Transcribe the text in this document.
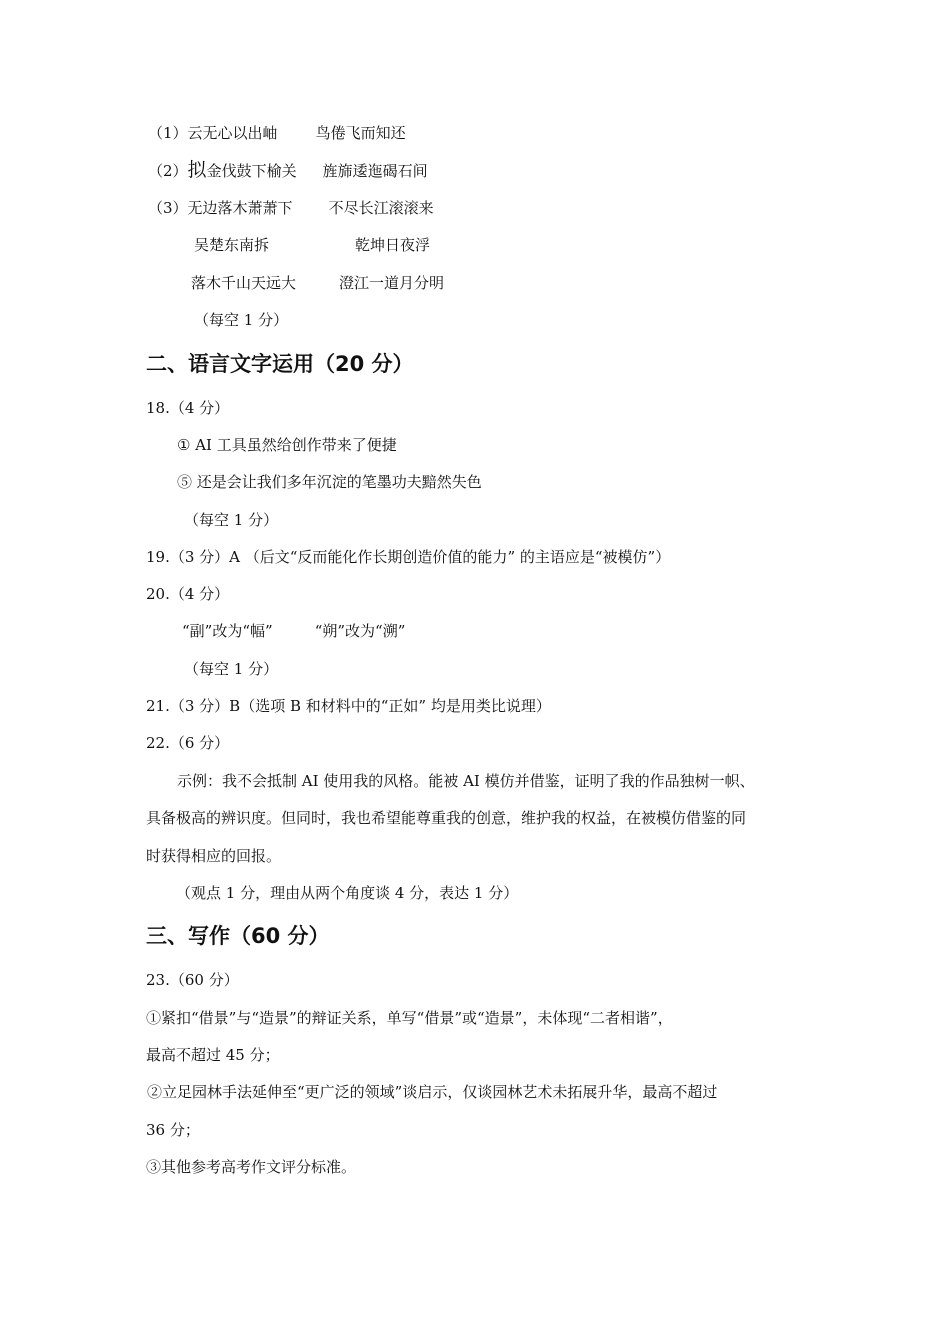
（1）云无心以出岫	鸟倦飞而知还
（2）拟金伐鼓下榆关 旌旆逶迤碣石间
（3）无边落木萧萧下 不尽长江滚滚来
吴楚东南拆	乾坤日夜浮
落木千山天远大	澄江一道月分明
（每空 1 分）
二、语言文字运用（20 分）
18.（4 分）
① AI 工具虽然给创作带来了便捷
⑤ 还是会让我们多年沉淀的笔墨功夫黯然失色
（每空 1 分）
19.（3 分）A （后文“反而能化作长期创造价值的能力” 的主语应是“被模仿”）
20.（4 分）
“副”改为“幅”	“朔”改为“溯”
（每空 1 分）
21.（3 分）B（选项 B 和材料中的“正如” 均是用类比说理）
22.（6 分）
示例：我不会抵制 AI 使用我的风格。能被 AI 模仿并借鉴，证明了我的作品独树一帜、
具备极高的辨识度。但同时，我也希望能尊重我的创意，维护我的权益，在被模仿借鉴的同
时获得相应的回报。
（观点 1 分，理由从两个角度谈 4 分，表达 1 分）
三、写作（60 分）
23.（60 分）
①紧扣“借景”与“造景”的辩证关系，单写“借景”或“造景”，未体现“二者相谐”，
最高不超过 45 分；
②立足园林手法延伸至“更广泛的领域”谈启示，仅谈园林艺术未拓展升华，最高不超过
36 分；
③其他参考高考作文评分标准。
